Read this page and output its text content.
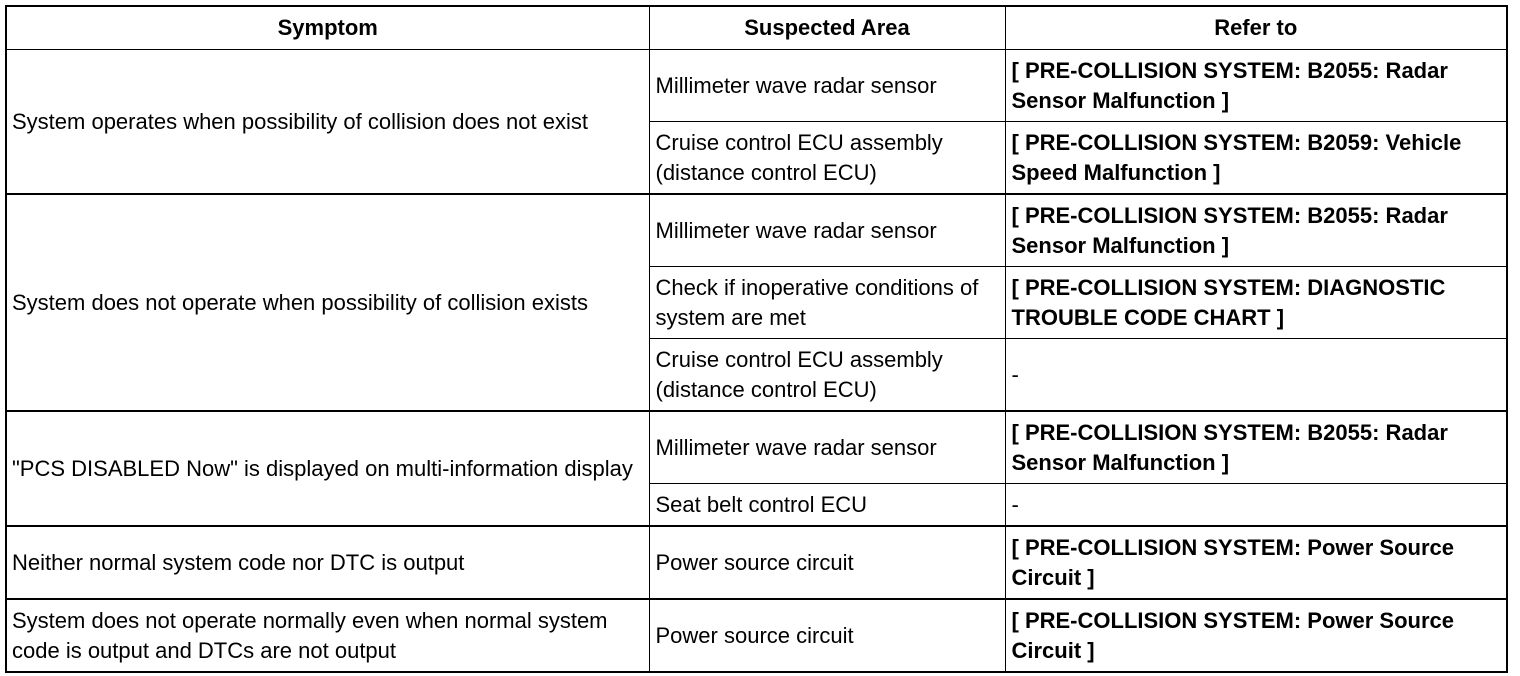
Symptom	Suspected Area	Refer to
System operates when possibility of collision does not exist	Millimeter wave radar sensor	[ PRE-COLLISION SYSTEM: B2055: Radar Sensor Malfunction ]
	Cruise control ECU assembly (distance control ECU)	[ PRE-COLLISION SYSTEM: B2059: Vehicle Speed Malfunction ]
System does not operate when possibility of collision exists	Millimeter wave radar sensor	[ PRE-COLLISION SYSTEM: B2055: Radar Sensor Malfunction ]
	Check if inoperative conditions of system are met	[ PRE-COLLISION SYSTEM: DIAGNOSTIC TROUBLE CODE CHART ]
	Cruise control ECU assembly (distance control ECU)	-
"PCS DISABLED Now" is displayed on multi-information display	Millimeter wave radar sensor	[ PRE-COLLISION SYSTEM: B2055: Radar Sensor Malfunction ]
	Seat belt control ECU	-
Neither normal system code nor DTC is output	Power source circuit	[ PRE-COLLISION SYSTEM: Power Source Circuit ]
System does not operate normally even when normal system code is output and DTCs are not output	Power source circuit	[ PRE-COLLISION SYSTEM: Power Source Circuit ]
